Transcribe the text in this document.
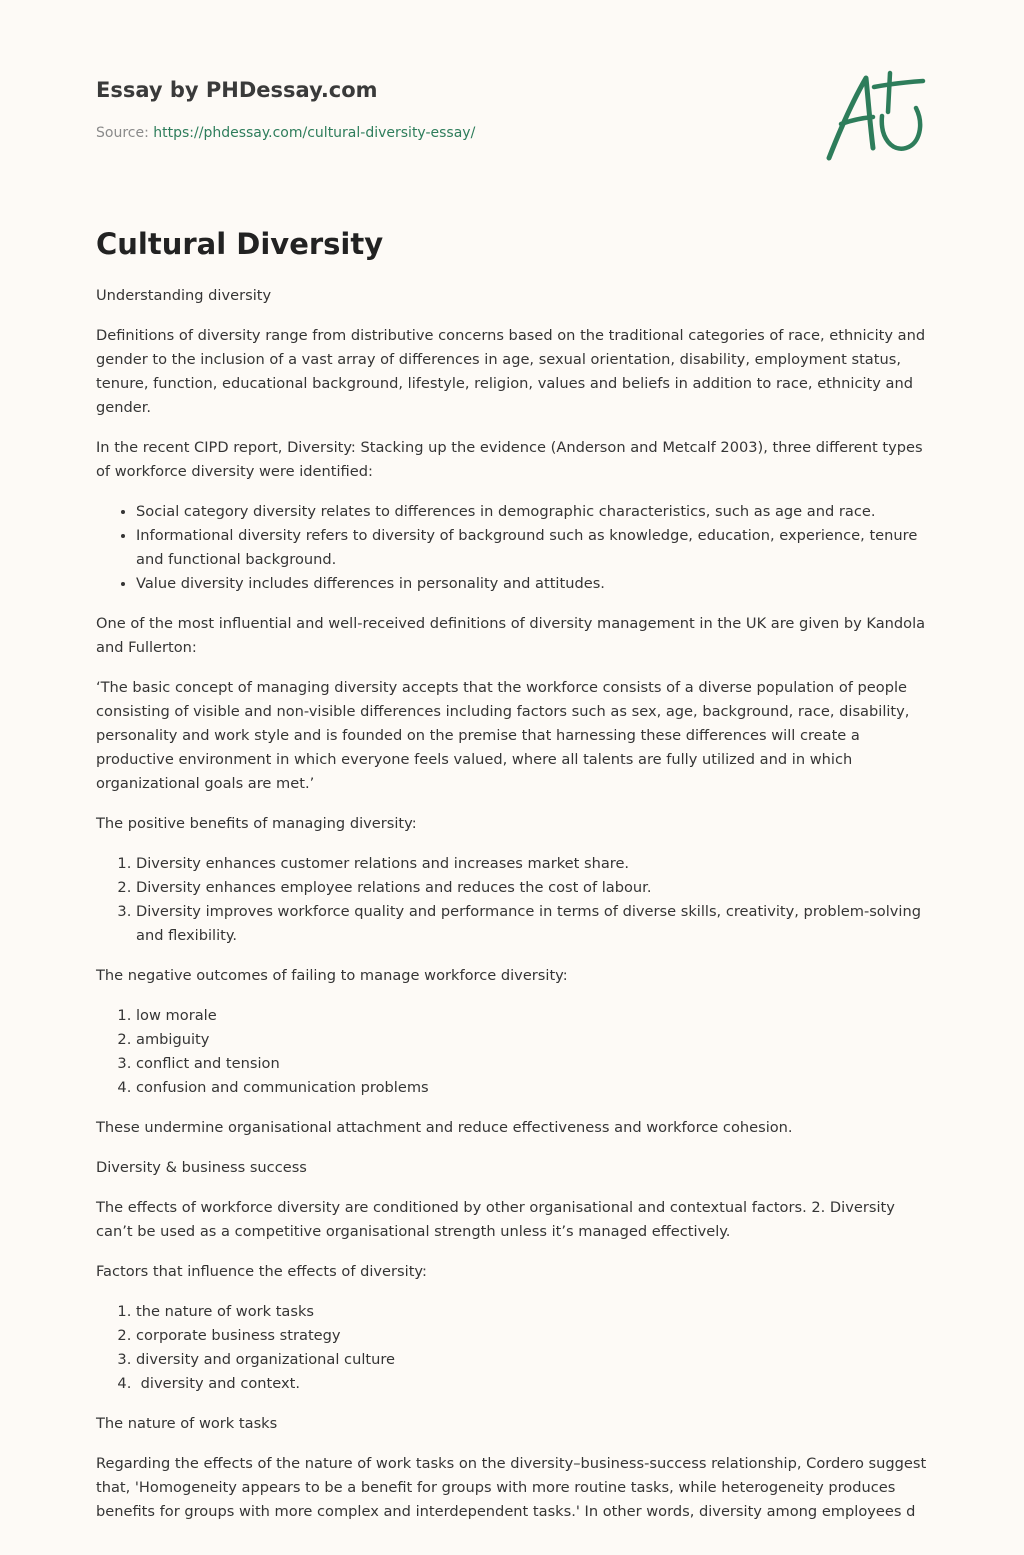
Essay by PHDessay.com
Source: https://phdessay.com/cultural-diversity-essay/
Cultural Diversity

Understanding diversity

Definitions of diversity range from distributive concerns based on the traditional categories of race, ethnicity and gender to the inclusion of a vast array of differences in age, sexual orientation, disability, employment status, tenure, function, educational background, lifestyle, religion, values and beliefs in addition to race, ethnicity and gender.

In the recent CIPD report, Diversity: Stacking up the evidence (Anderson and Metcalf 2003), three different types of workforce diversity were identified:

• Social category diversity relates to differences in demographic characteristics, such as age and race.
• Informational diversity refers to diversity of background such as knowledge, education, experience, tenure and functional background.
• Value diversity includes differences in personality and attitudes.

One of the most influential and well-received definitions of diversity management in the UK are given by Kandola and Fullerton:

‘The basic concept of managing diversity accepts that the workforce consists of a diverse population of people consisting of visible and non-visible differences including factors such as sex, age, background, race, disability, personality and work style and is founded on the premise that harnessing these differences will create a productive environment in which everyone feels valued, where all talents are fully utilized and in which organizational goals are met.’

The positive benefits of managing diversity:

1. Diversity enhances customer relations and increases market share.
2. Diversity enhances employee relations and reduces the cost of labour.
3. Diversity improves workforce quality and performance in terms of diverse skills, creativity, problem-solving and flexibility.

The negative outcomes of failing to manage workforce diversity:

1. low morale
2. ambiguity
3. conflict and tension
4. confusion and communication problems

These undermine organisational attachment and reduce effectiveness and workforce cohesion.

Diversity & business success

The effects of workforce diversity are conditioned by other organisational and contextual factors. 2. Diversity can’t be used as a competitive organisational strength unless it’s managed effectively.

Factors that influence the effects of diversity:

1. the nature of work tasks
2. corporate business strategy
3. diversity and organizational culture
4.  diversity and context.

The nature of work tasks

Regarding the effects of the nature of work tasks on the diversity–business-success relationship, Cordero suggest that, 'Homogeneity appears to be a benefit for groups with more routine tasks, while heterogeneity produces benefits for groups with more complex and interdependent tasks.' In other words, diversity among employees d
